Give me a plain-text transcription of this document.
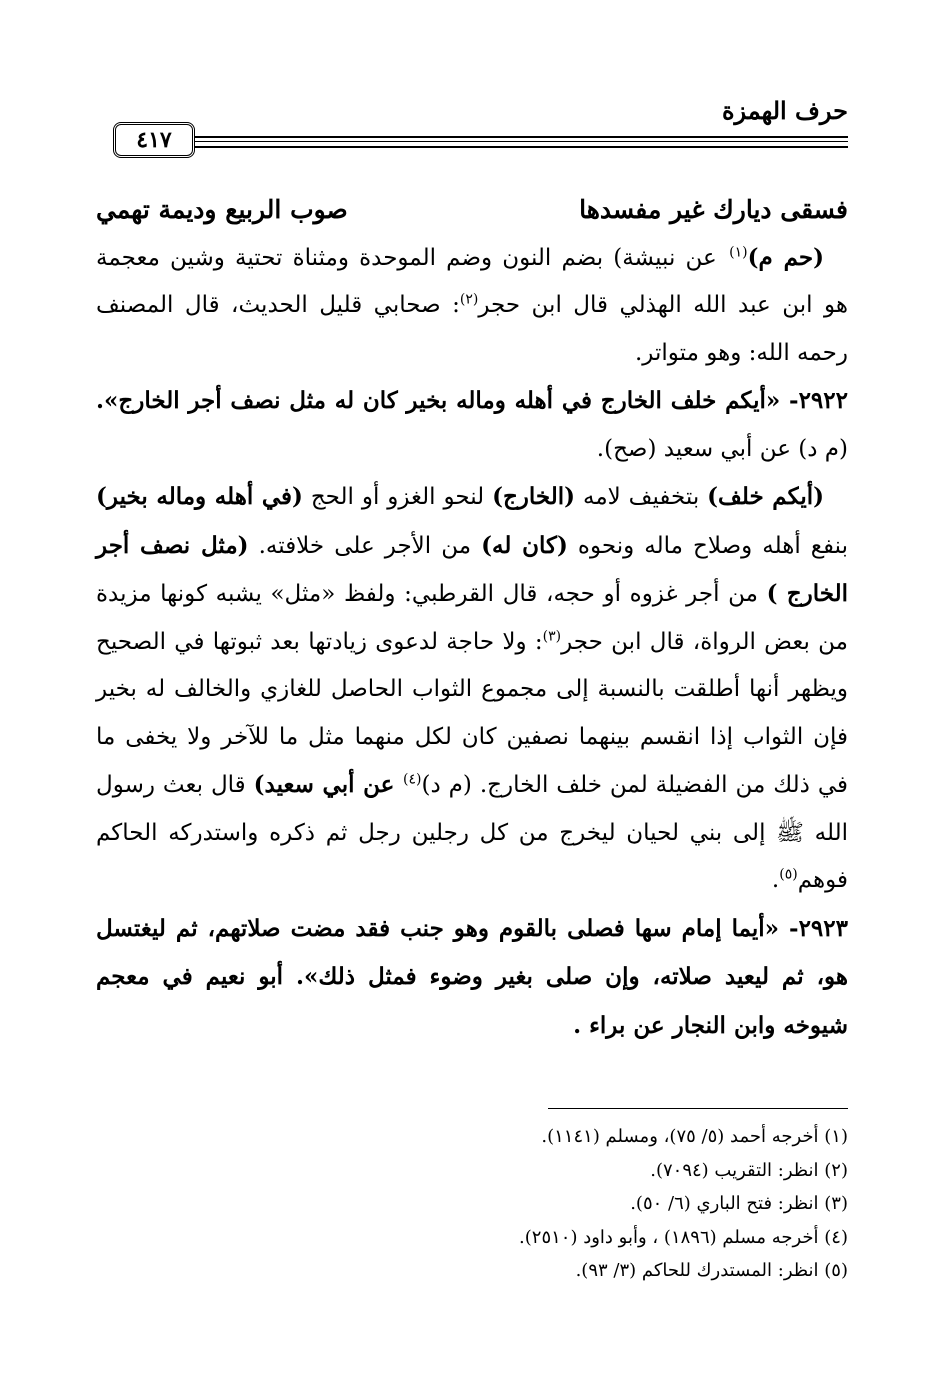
حرف الهمزة
٤١٧

فسقى ديارك غير مفسدها
صوب الربيع وديمة تهمي

(حم م)$^{(١)}$  عن نبيشة) بضم النون وضم الموحدة ومثناة تحتية وشين معجمة هو ابن عبد الله الهذلي قال ابن حجر$^{(٢)}$: صحابي قليل الحديث، قال المصنف رحمه الله: وهو متواتر.

٢٩٢٢- «أيكم خلف الخارج في أهله وماله بخير كان له مثل نصف أجر الخارج». (م د) عن أبي سعيد (صح).

(أيكم خلف) بتخفيف لامه (الخارج) لنحو الغزو أو الحج (في أهله وماله بخير) بنفع أهله وصلاح ماله ونحوه (كان له) من الأجر على خلافته. (مثل نصف أجر الخارج ) من أجر غزوه أو حجه، قال القرطبي: ولفظ «مثل» يشبه كونها مزيدة من بعض الرواة، قال ابن حجر$^{(٣)}$: ولا حاجة لدعوى زيادتها بعد ثبوتها في الصحيح ويظهر أنها أطلقت بالنسبة إلى مجموع الثواب الحاصل للغازي والخالف له بخير فإن الثواب إذا انقسم بينهما نصفين كان لكل منهما مثل ما للآخر ولا يخفى ما في ذلك من الفضيلة لمن خلف الخارج. (م د)$^{(٤)}$ عن أبي سعيد) قال بعث رسول الله ﷺ إلى بني لحيان ليخرج من كل رجلين رجل ثم ذكره واستدركه الحاكم فوهم$^{(٥)}$.

٢٩٢٣- «أيما إمام سها فصلى بالقوم وهو جنب فقد مضت صلاتهم، ثم ليغتسل هو، ثم ليعيد صلاته، وإن صلى بغير وضوء فمثل ذلك». أبو نعيم في معجم شيوخه وابن النجار عن براء .

(١) أخرجه أحمد (٥/ ٧٥)، ومسلم (١١٤١).
(٢) انظر: التقريب (٧٠٩٤).
(٣) انظر: فتح الباري (٦/ ٥٠).
(٤) أخرجه مسلم (١٨٩٦) ، وأبو داود (٢٥١٠).
(٥) انظر: المستدرك للحاكم (٣/ ٩٣).
